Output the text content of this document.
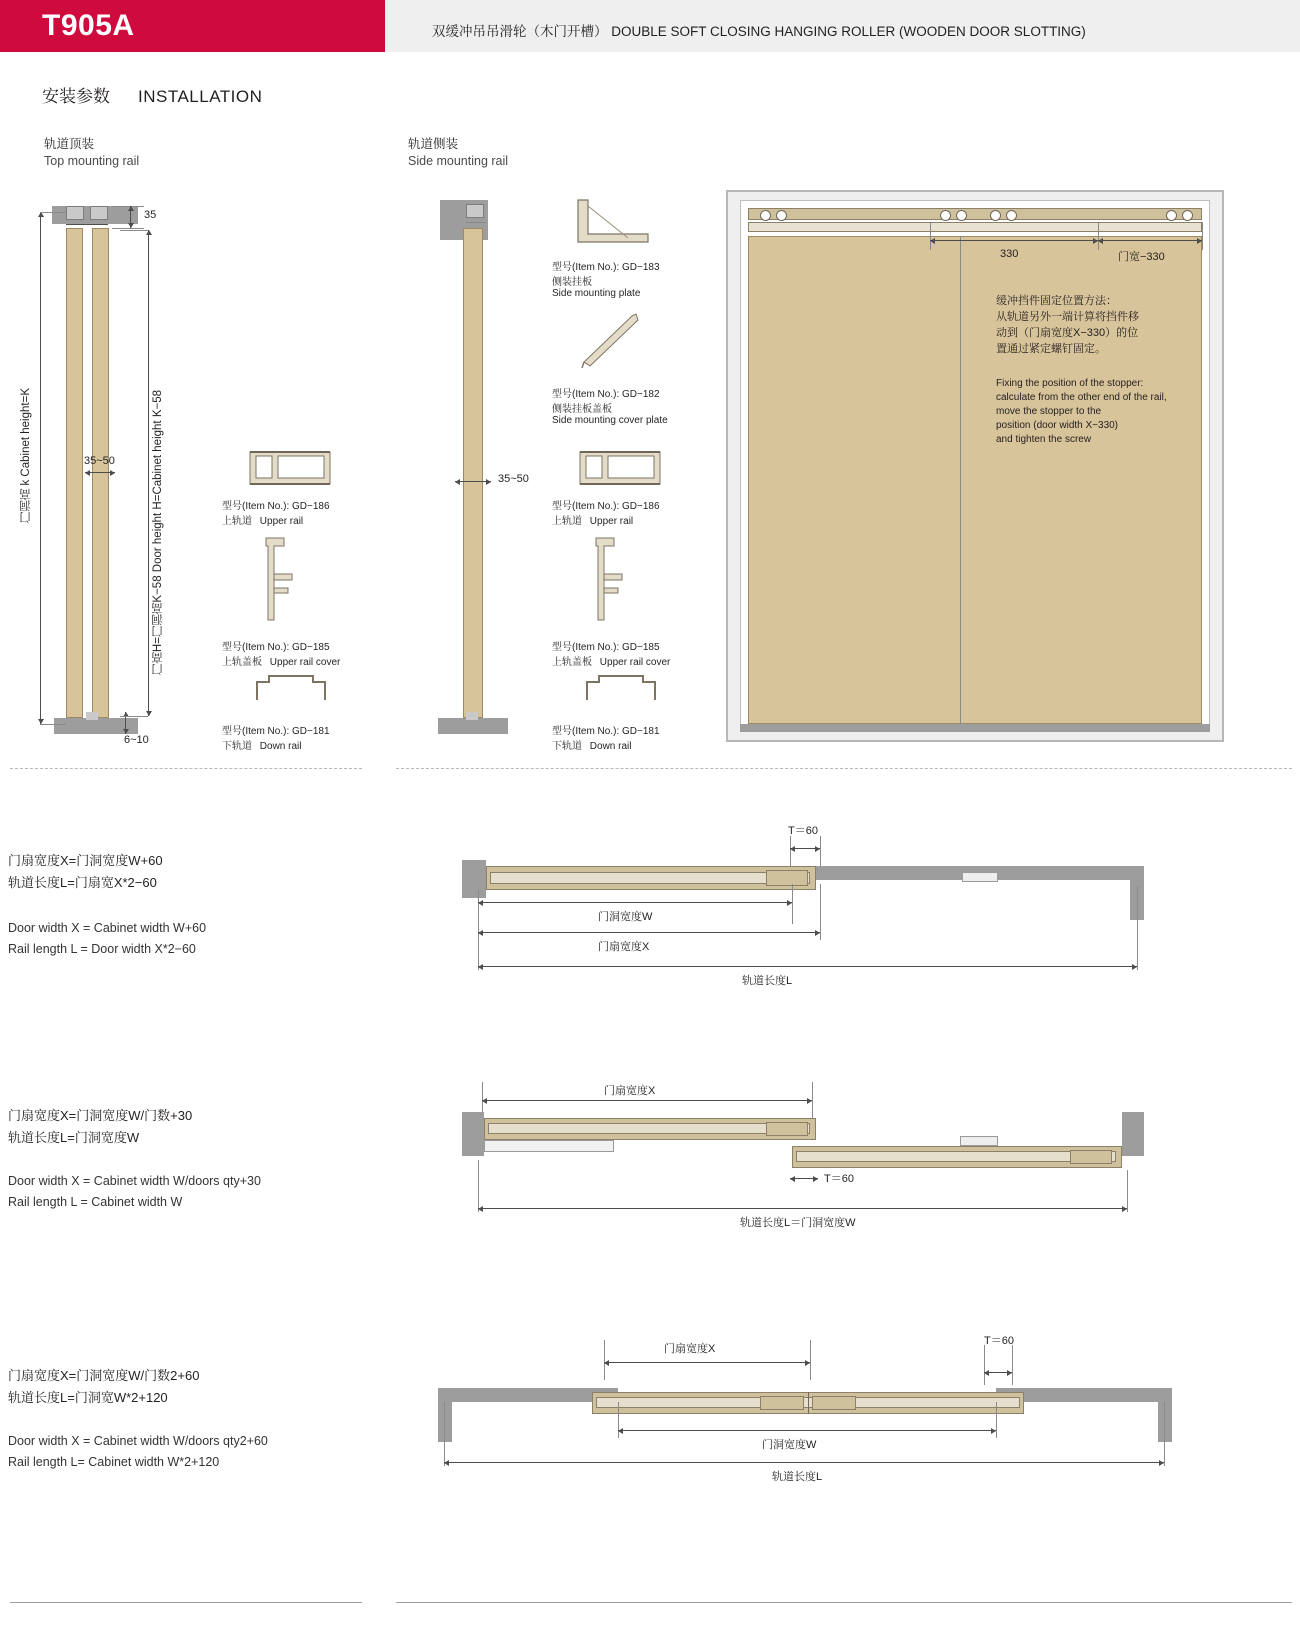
T905A	双缓冲吊吊滑轮（木门开槽） DOUBLE SOFT CLOSING HANGING ROLLER (WOODEN DOOR SLOTTING)
安装参数 INSTALLATION
轨道顶装
Top mounting rail
35
35~50
6~10
门洞高 k Cabinet height=K	门高H=门洞高K−58 Door height H=Cabinet height K−58	型号(Item No.): GD−186
上轨道 Upper rail
型号(Item No.): GD−185
上轨盖板 Upper rail cover
型号(Item No.): GD−181
下轨道 Down rail
轨道侧装
Side mounting rail
35~50
型号(Item No.): GD−183
侧装挂板
Side mounting plate
型号(Item No.): GD−182
侧装挂板盖板
Side mounting cover plate
型号(Item No.): GD−186
上轨道 Upper rail
型号(Item No.): GD−185
上轨盖板 Upper rail cover
型号(Item No.): GD−181
下轨道 Down rail
330	门宽−330
缓冲挡件固定位置方法：
从轨道另外一端计算将挡件移
动到（门扇宽度X−330）的位
置通过紧定螺钉固定。
Fixing the position of the stopper:
calculate from the other end of the rail,
move the stopper to the
position (door width X−330)
and tighten the screw
门扇宽度X=门洞宽度W+60
轨道长度L=门扇宽X*2−60
Door width X = Cabinet width W+60
Rail length L = Door width X*2−60
T＝60
门洞宽度W
门扇宽度X
轨道长度L
门扇宽度X=门洞宽度W/门数+30
轨道长度L=门洞宽度W
Door width X = Cabinet width W/doors qty+30
Rail length L = Cabinet width W
门扇宽度X
T＝60
轨道长度L＝门洞宽度W
门扇宽度X=门洞宽度W/门数2+60
轨道长度L=门洞宽W*2+120
Door width X = Cabinet width W/doors qty2+60
Rail length L= Cabinet width W*2+120
门扇宽度X
T＝60
门洞宽度W
轨道长度L
